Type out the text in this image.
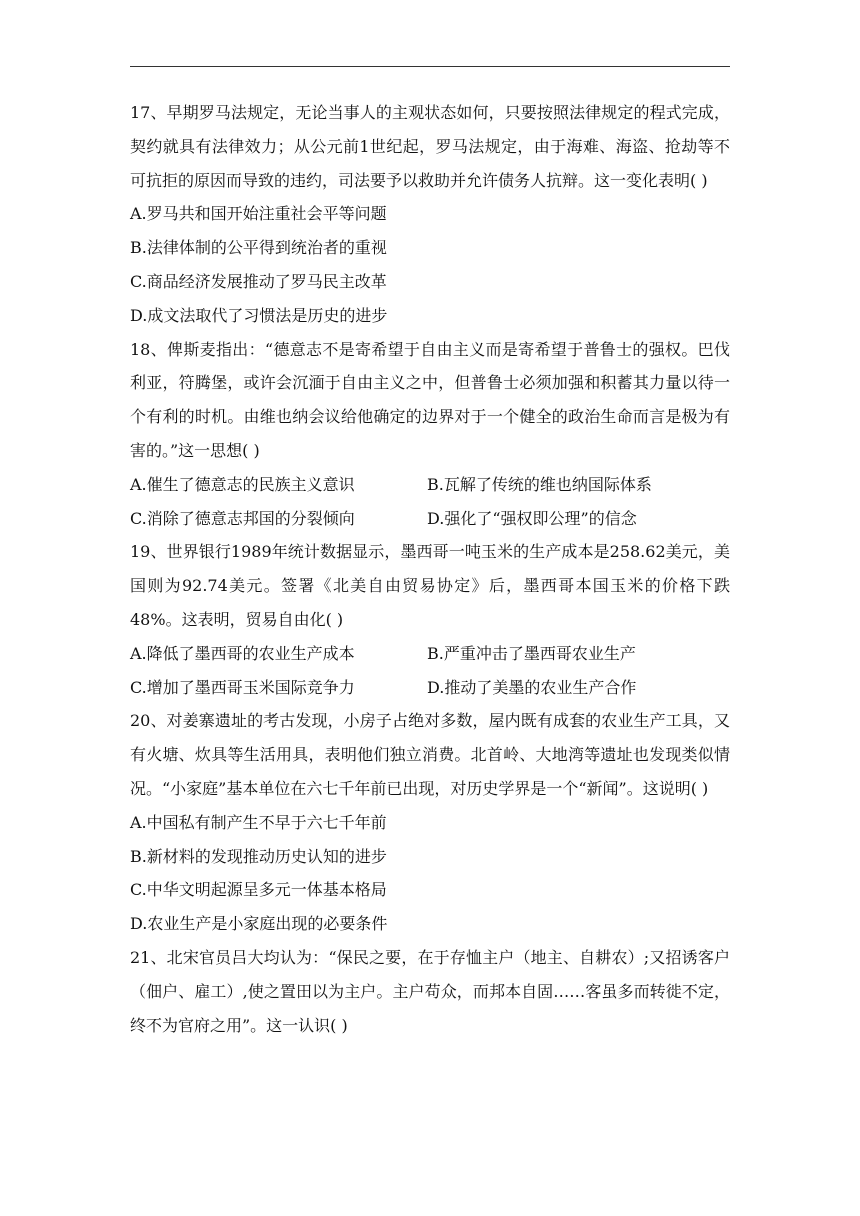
17、早期罗马法规定，无论当事人的主观状态如何，只要按照法律规定的程式完成，契约就具有法律效力；从公元前1世纪起，罗马法规定，由于海难、海盗、抢劫等不可抗拒的原因而导致的违约，司法要予以救助并允许债务人抗辩。这一变化表明( )
A.罗马共和国开始注重社会平等问题
B.法律体制的公平得到统治者的重视
C.商品经济发展推动了罗马民主改革
D.成文法取代了习惯法是历史的进步
18、俾斯麦指出：“德意志不是寄希望于自由主义而是寄希望于普鲁士的强权。巴伐利亚，符腾堡，或许会沉湎于自由主义之中，但普鲁士必须加强和积蓄其力量以待一个有利的时机。由维也纳会议给他确定的边界对于一个健全的政治生命而言是极为有害的。”这一思想( )
A.催生了德意志的民族主义意识	B.瓦解了传统的维也纳国际体系
C.消除了德意志邦国的分裂倾向	D.强化了“强权即公理”的信念
19、世界银行1989年统计数据显示，墨西哥一吨玉米的生产成本是258.62美元，美国则为92.74美元。签署《北美自由贸易协定》后，墨西哥本国玉米的价格下跌48%。这表明，贸易自由化( )
A.降低了墨西哥的农业生产成本	B.严重冲击了墨西哥农业生产
C.增加了墨西哥玉米国际竞争力	D.推动了美墨的农业生产合作
20、对姜寨遗址的考古发现，小房子占绝对多数，屋内既有成套的农业生产工具，又有火塘、炊具等生活用具，表明他们独立消费。北首岭、大地湾等遗址也发现类似情况。“小家庭”基本单位在六七千年前已出现，对历史学界是一个“新闻”。这说明( )
A.中国私有制产生不早于六七千年前
B.新材料的发现推动历史认知的进步
C.中华文明起源呈多元一体基本格局
D.农业生产是小家庭出现的必要条件
21、北宋官员吕大均认为：“保民之要，在于存恤主户（地主、自耕农）;又招诱客户（佃户、雇工）,使之置田以为主户。主户苟众，而邦本自固……客虽多而转徙不定，终不为官府之用”。这一认识( )
